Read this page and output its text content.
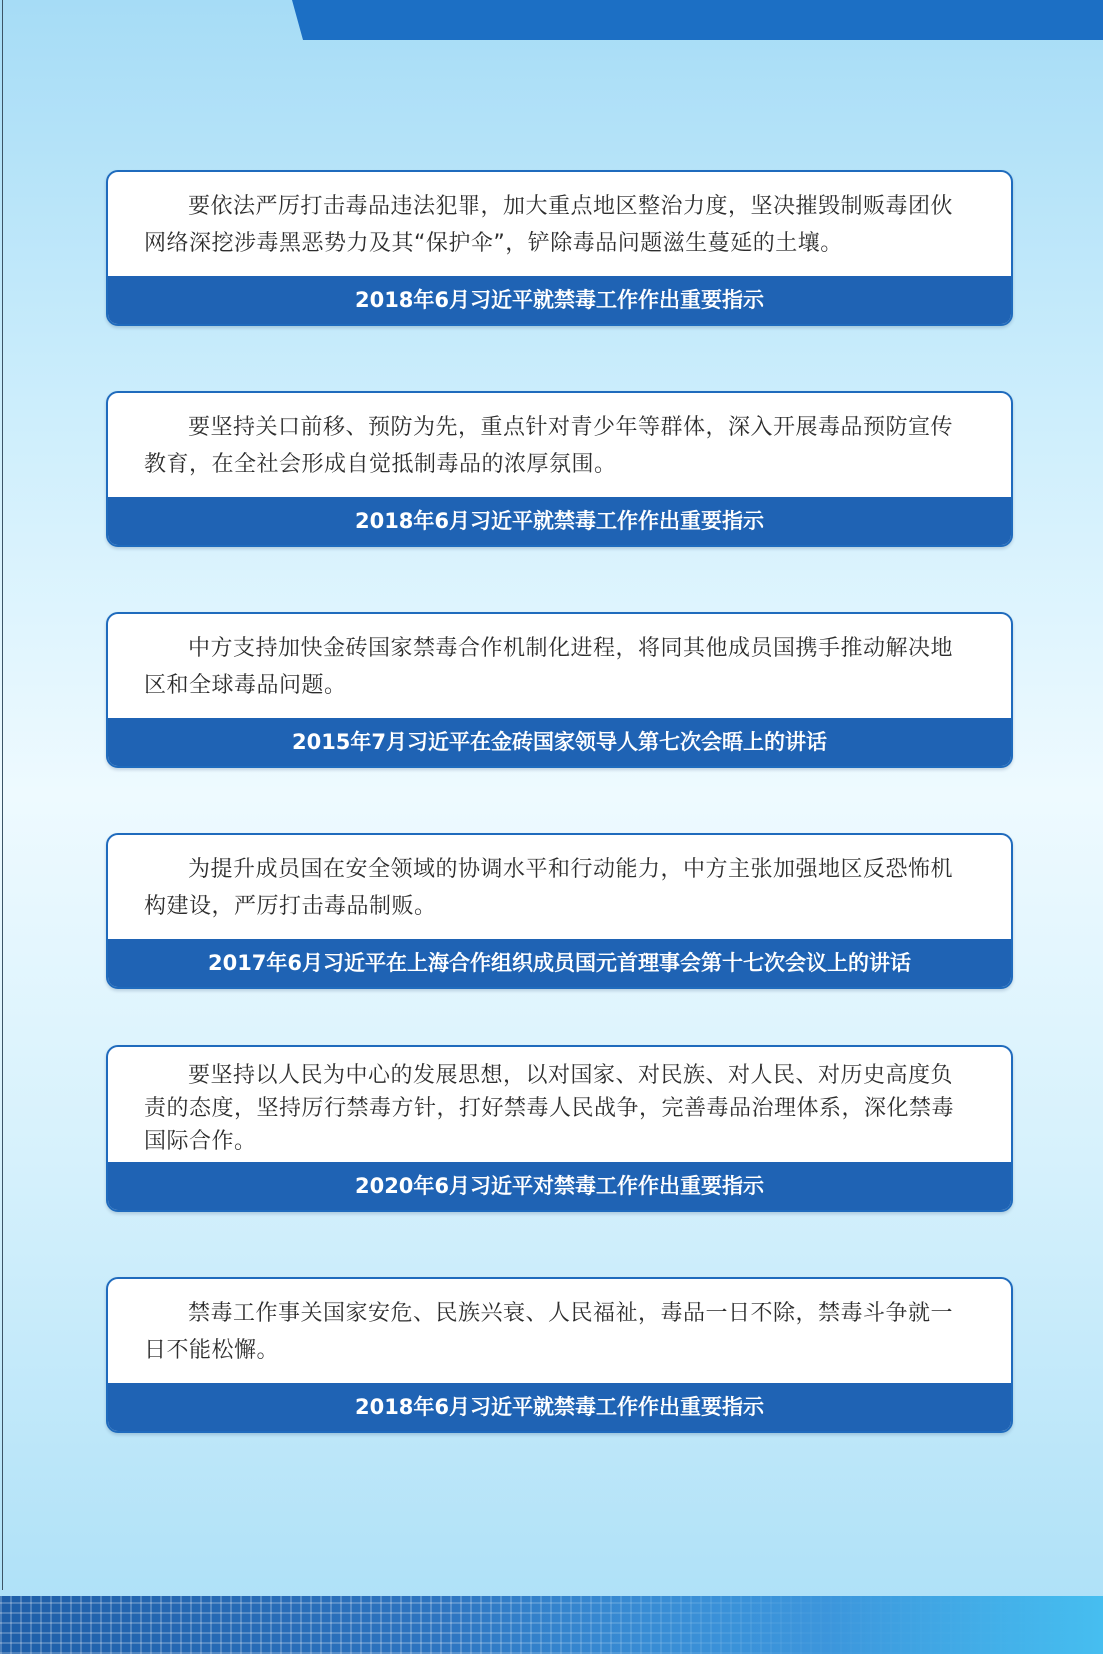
要依法严厉打击毒品违法犯罪，加大重点地区整治力度，坚决摧毁制贩毒团伙网络深挖涉毒黑恶势力及其“保护伞”，铲除毒品问题滋生蔓延的土壤。
2018年6月习近平就禁毒工作作出重要指示
要坚持关口前移、预防为先，重点针对青少年等群体，深入开展毒品预防宣传教育，在全社会形成自觉抵制毒品的浓厚氛围。
2018年6月习近平就禁毒工作作出重要指示
中方支持加快金砖国家禁毒合作机制化进程，将同其他成员国携手推动解决地区和全球毒品问题。
2015年7月习近平在金砖国家领导人第七次会晤上的讲话
为提升成员国在安全领域的协调水平和行动能力，中方主张加强地区反恐怖机构建设，严厉打击毒品制贩。
2017年6月习近平在上海合作组织成员国元首理事会第十七次会议上的讲话
要坚持以人民为中心的发展思想，以对国家、对民族、对人民、对历史高度负责的态度，坚持厉行禁毒方针，打好禁毒人民战争，完善毒品治理体系，深化禁毒国际合作。
2020年6月习近平对禁毒工作作出重要指示
禁毒工作事关国家安危、民族兴衰、人民福祉，毒品一日不除，禁毒斗争就一日不能松懈。
2018年6月习近平就禁毒工作作出重要指示
